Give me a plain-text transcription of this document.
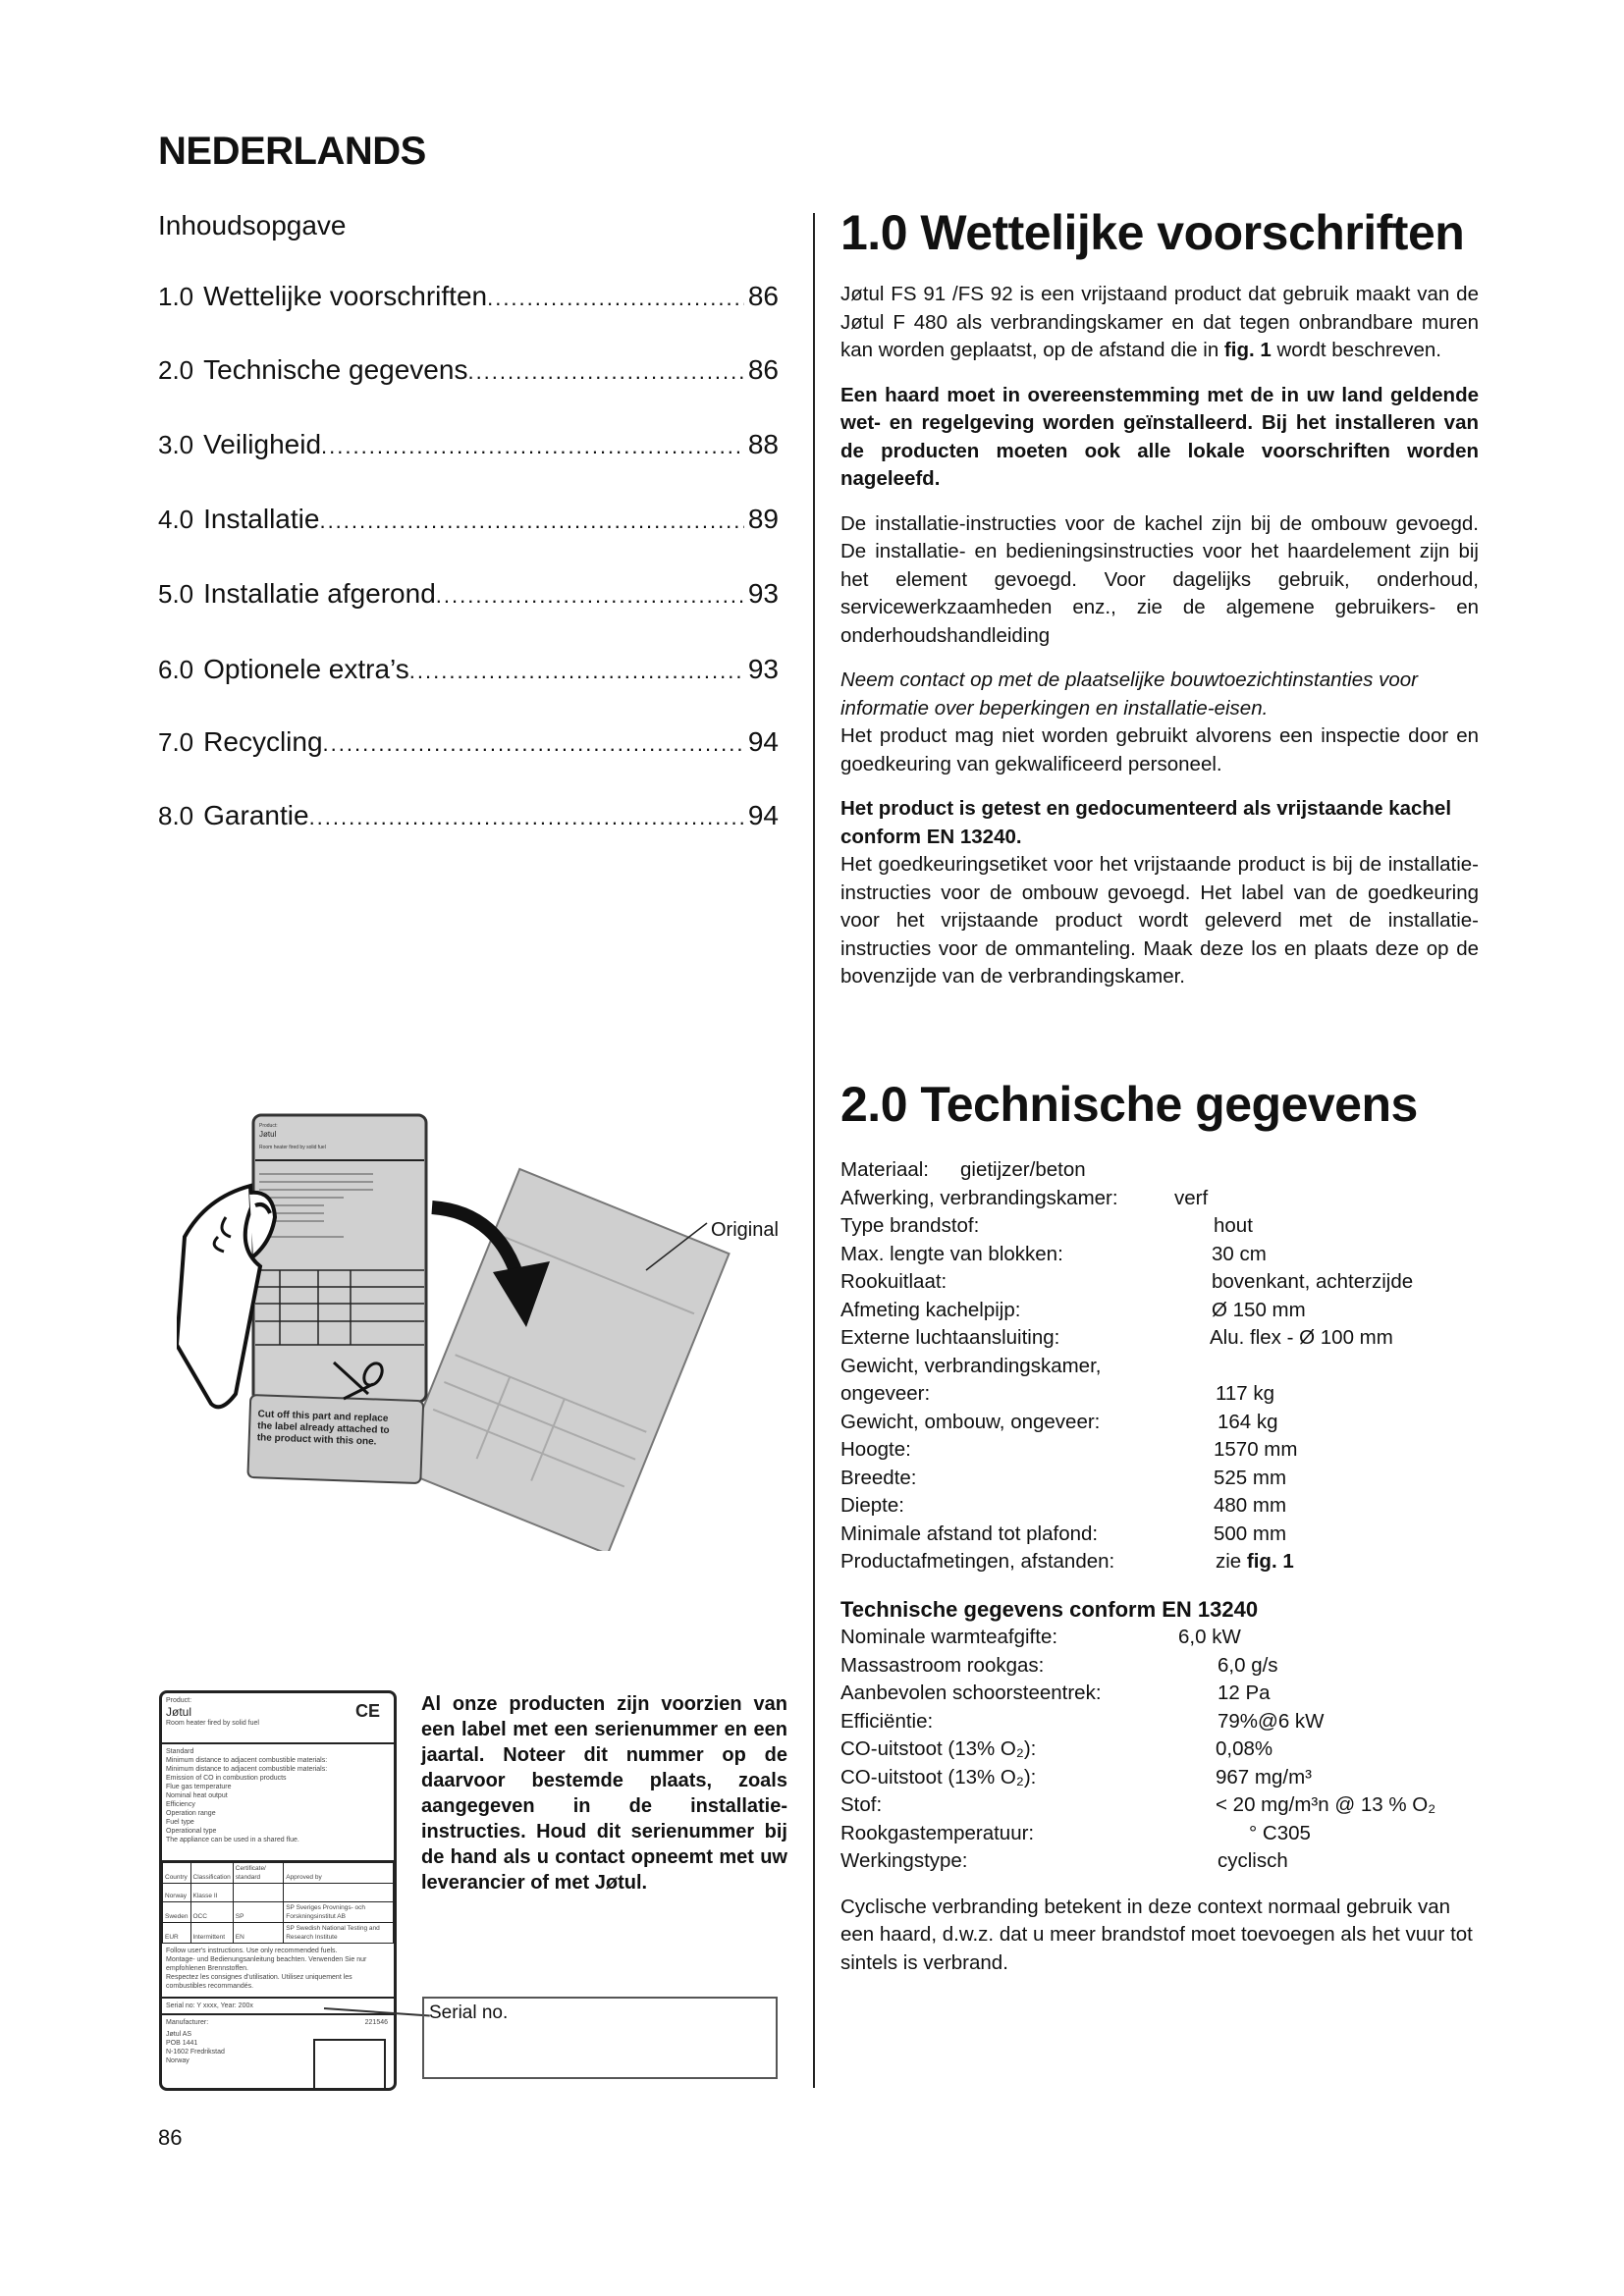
NEDERLANDS
Inhoudsopgave
1.0 Wettelijke voorschriften .....	86
2.0 Technische gegevens .....	86
3.0 Veiligheid .....	88
4.0 Installatie .....	89
5.0 Installatie afgerond .....	93
6.0 Optionele extra’s .....	93
7.0 Recycling .....	94
8.0 Garantie .....	94
1.0 Wettelijke voorschriften

Jøtul FS 91 /FS 92 is een vrijstaand product dat gebruik maakt van de Jøtul F 480 als verbrandingskamer en dat tegen onbrandbare muren kan worden geplaatst, op de afstand die in fig. 1 wordt beschreven.

Een haard moet in overeenstemming met de in uw land geldende wet- en regelgeving worden geïnstalleerd. Bij het installeren van de producten moeten ook alle lokale voorschriften worden nageleefd.

De installatie-instructies voor de kachel zijn bij de ombouw gevoegd. De installatie- en bedieningsinstructies voor het haardelement zijn bij het element gevoegd. Voor dagelijks gebruik, onderhoud, servicewerkzaamheden enz., zie de algemene gebruikers- en onderhoudshandleiding

Neem contact op met de plaatselijke bouwtoezichtinstanties voor informatie over beperkingen en installatie-eisen.

Het product mag niet worden gebruikt alvorens een inspectie door en goedkeuring van gekwalificeerd personeel.

Het product is getest en gedocumenteerd als vrijstaande kachel conform EN 13240.

Het goedkeuringsetiket voor het vrijstaande product is bij de installatie-instructies voor de ombouw gevoegd. Het label van de goedkeuring voor het vrijstaande product wordt geleverd met de installatie-instructies voor de ommanteling. Maak deze los en plaats deze op de bovenzijde van de verbrandingskamer.

2.0 Technische gegevens
Materiaal: gietijzer/beton
Afwerking, verbrandingskamer:	verf
Type brandstof:	hout
Max. lengte van blokken:	30 cm
Rookuitlaat:	bovenkant, achterzijde
Afmeting kachelpijp:	Ø 150 mm
Externe luchtaansluiting:	Alu. flex - Ø 100 mm
Gewicht, verbrandingskamer,
ongeveer:	117 kg
Gewicht, ombouw, ongeveer:	164 kg
Hoogte:	1570 mm
Breedte:	525 mm
Diepte:	480 mm
Minimale afstand tot plafond:	500 mm
Productafmetingen, afstanden:	zie fig. 1
Technische gegevens conform EN 13240
Nominale warmteafgifte:	6,0 kW
Massastroom rookgas:	6,0 g/s
Aanbevolen schoorsteentrek:	12 Pa
Efficiëntie:	79%@6 kW
CO-uitstoot (13% O₂):	0,08%
CO-uitstoot (13% O₂):	967 mg/m³
Stof:	< 20 mg/m³n @ 13 % O₂
Rookgastemperatuur:	° C305
Werkingstype:	cyclisch

Cyclische verbranding betekent in deze context normaal gebruik van een haard, d.w.z. dat u meer brandstof moet toevoegen als het vuur tot sintels is verbrand.

Product:
Jøtul
Room heater fired by solid fuel
Cut off this part and replace the label already attached to the product with this one.
Original
Product:
Jøtul
Room heater fired by solid fuel
CE
Standard
Minimum distance to adjacent combustible materials:
Minimum distance to adjacent combustible materials:
Emission of CO in combustion products
Flue gas temperature
Nominal heat output
Efficiency
Operation range
Fuel type
Operational type
The appliance can be used in a shared flue.
Country	Classification	Certificate/ standard	Approved by
Norway	Klasse II		
Sweden	OCC	SP	SP Sveriges Provnings- och Forskningsinstitut AB
EUR	Intermittent	EN	SP Swedish National Testing and Research Institute
Follow user's instructions. Use only recommended fuels.
Montage- und Bedienungsanleitung beachten. Verwenden Sie nur empfohlenen Brennstoffen.
Respectez les consignes d'utilisation. Utilisez uniquement les combustibles recommandés.
Serial no: Y xxxx, Year: 200x
Manufacturer:	221546
Jøtul AS
POB 1441
N-1602 Fredrikstad
Norway
Al onze producten zijn voorzien van een label met een serienummer en een jaartal. Noteer dit nummer op de daarvoor bestemde plaats, zoals aangegeven in de installatie-instructies. Houd dit serienummer bij de hand als u contact opneemt met uw leverancier of met Jøtul.
Serial no.
86
